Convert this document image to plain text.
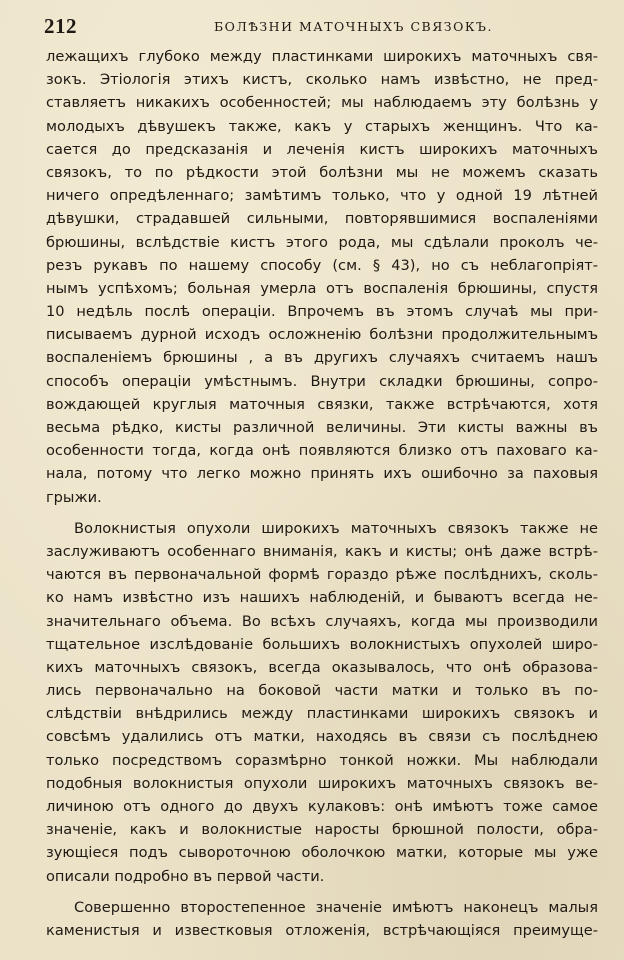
212	БОЛѢЗНИ МАТОЧНЫХЪ СВЯЗОКЪ.
лежащихъ глубоко между пластинками широкихъ маточныхъ свя-
зокъ. Этiологiя этихъ кистъ, сколько намъ извѣстно, не пред-
ставляетъ никакихъ особенностей; мы наблюдаемъ эту болѣзнь у
молодыхъ дѣвушекъ также, какъ у старыхъ женщинъ. Что ка-
сается до предсказанiя и леченiя кистъ широкихъ маточныхъ
связокъ, то по рѣдкости этой болѣзни мы не можемъ сказать
ничего опредѣленнаго; замѣтимъ только, что у одной 19 лѣтней
дѣвушки, страдавшей сильными, повторявшимися воспаленiями
брюшины, вслѣдствiе кистъ этого рода, мы сдѣлали проколъ че-
резъ рукавъ по нашему способу (см. § 43), но съ неблагопрiят-
нымъ успѣхомъ; больная умерла отъ воспаленiя брюшины, спустя
10 недѣль послѣ операцiи. Впрочемъ въ этомъ случаѣ мы при-
писываемъ дурной исходъ осложненiю болѣзни продолжительнымъ
воспаленiемъ брюшины , а въ другихъ случаяхъ считаемъ нашъ
способъ операцiи умѣстнымъ. Внутри складки брюшины, сопро-
вождающей круглыя маточныя связки, также встрѣчаются, хотя
весьма рѣдко, кисты различной величины. Эти кисты важны въ
особенности тогда, когда онѣ появляются близко отъ паховаго ка-
нала, потому что легко можно принять ихъ ошибочно за паховыя
грыжи.
Волокнистыя опухоли широкихъ маточныхъ связокъ также не
заслуживаютъ особеннаго вниманiя, какъ и кисты; онѣ даже встрѣ-
чаются въ первоначальной формѣ гораздо рѣже послѣднихъ, сколь-
ко намъ извѣстно изъ нашихъ наблюденiй, и бываютъ всегда не-
значительнаго объема. Во всѣхъ случаяхъ, когда мы производили
тщательное изслѣдованiе большихъ волокнистыхъ опухолей широ-
кихъ маточныхъ связокъ, всегда оказывалось, что онѣ образова-
лись первоначально на боковой части матки и только въ по-
слѣдствiи внѣдрились между пластинками широкихъ связокъ и
совсѣмъ удалились отъ матки, находясь въ связи съ послѣднею
только посредствомъ соразмѣрно тонкой ножки. Мы наблюдали
подобныя волокнистыя опухоли широкихъ маточныхъ связокъ ве-
личиною отъ одного до двухъ кулаковъ: онѣ имѣютъ тоже самое
значенiе, какъ и волокнистые наросты брюшной полости, обра-
зующiеся подъ сывороточною оболочкою матки, которые мы уже
описали подробно въ первой части.
Совершенно второстепенное значенiе имѣютъ наконецъ малыя
каменистыя и известковыя отложенiя, встрѣчающiяся преимуще-
